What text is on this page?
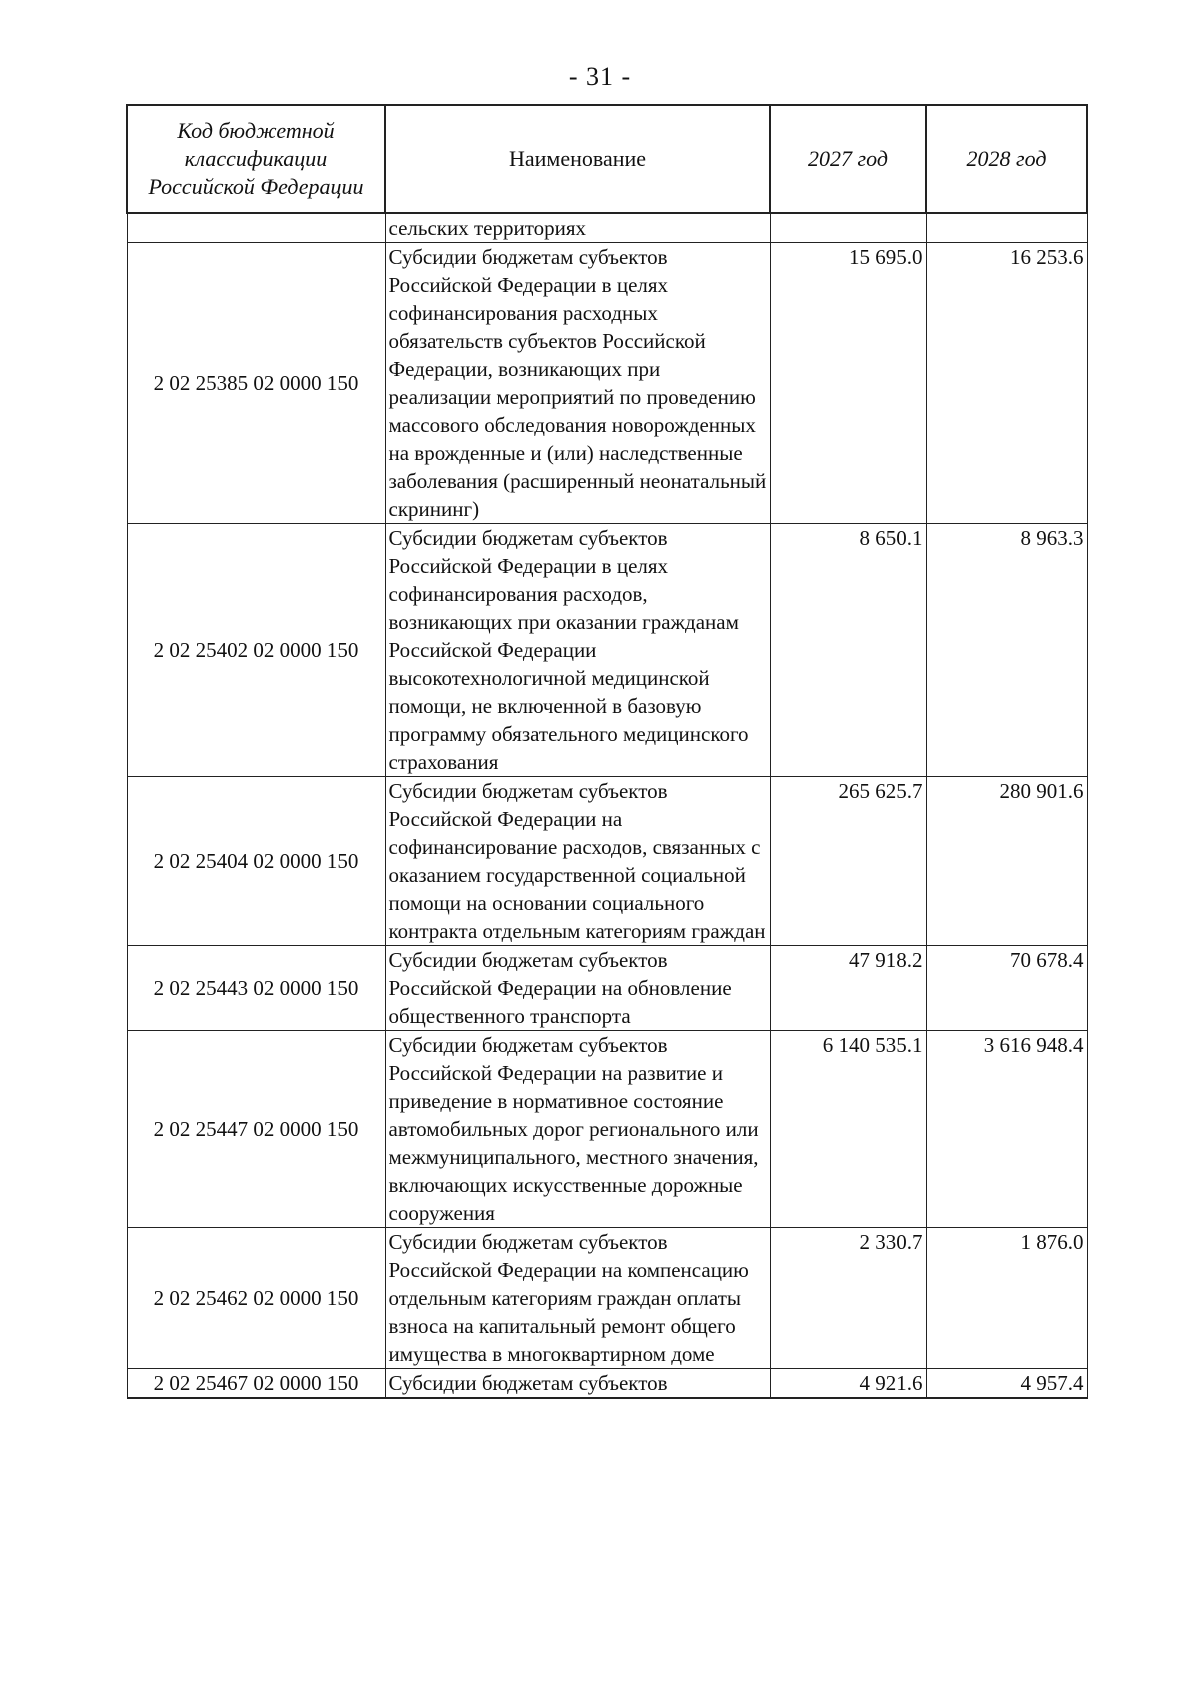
- 31 -
Код бюджетной классификации Российской Федерации	Наименование	2027 год	2028 год
	сельских территориях		
2 02 25385 02 0000 150	Субсидии бюджетам субъектов Российской Федерации в целях софинансирования расходных обязательств субъектов Российской Федерации, возникающих при реализации мероприятий по проведению массового обследования новорожденных на врожденные и (или) наследственные заболевания (расширенный неонатальный скрининг)	15 695.0	16 253.6
2 02 25402 02 0000 150	Субсидии бюджетам субъектов Российской Федерации в целях софинансирования расходов, возникающих при оказании гражданам Российской Федерации высокотехнологичной медицинской помощи, не включенной в базовую программу обязательного медицинского страхования	8 650.1	8 963.3
2 02 25404 02 0000 150	Субсидии бюджетам субъектов Российской Федерации на софинансирование расходов, связанных с оказанием государственной социальной помощи на основании социального контракта отдельным категориям граждан	265 625.7	280 901.6
2 02 25443 02 0000 150	Субсидии бюджетам субъектов Российской Федерации на обновление общественного транспорта	47 918.2	70 678.4
2 02 25447 02 0000 150	Субсидии бюджетам субъектов Российской Федерации на развитие и приведение в нормативное состояние автомобильных дорог регионального или межмуниципального, местного значения, включающих искусственные дорожные сооружения	6 140 535.1	3 616 948.4
2 02 25462 02 0000 150	Субсидии бюджетам субъектов Российской Федерации на компенсацию отдельным категориям граждан оплаты взноса на капитальный ремонт общего имущества в многоквартирном доме	2 330.7	1 876.0
2 02 25467 02 0000 150	Субсидии бюджетам субъектов	4 921.6	4 957.4
